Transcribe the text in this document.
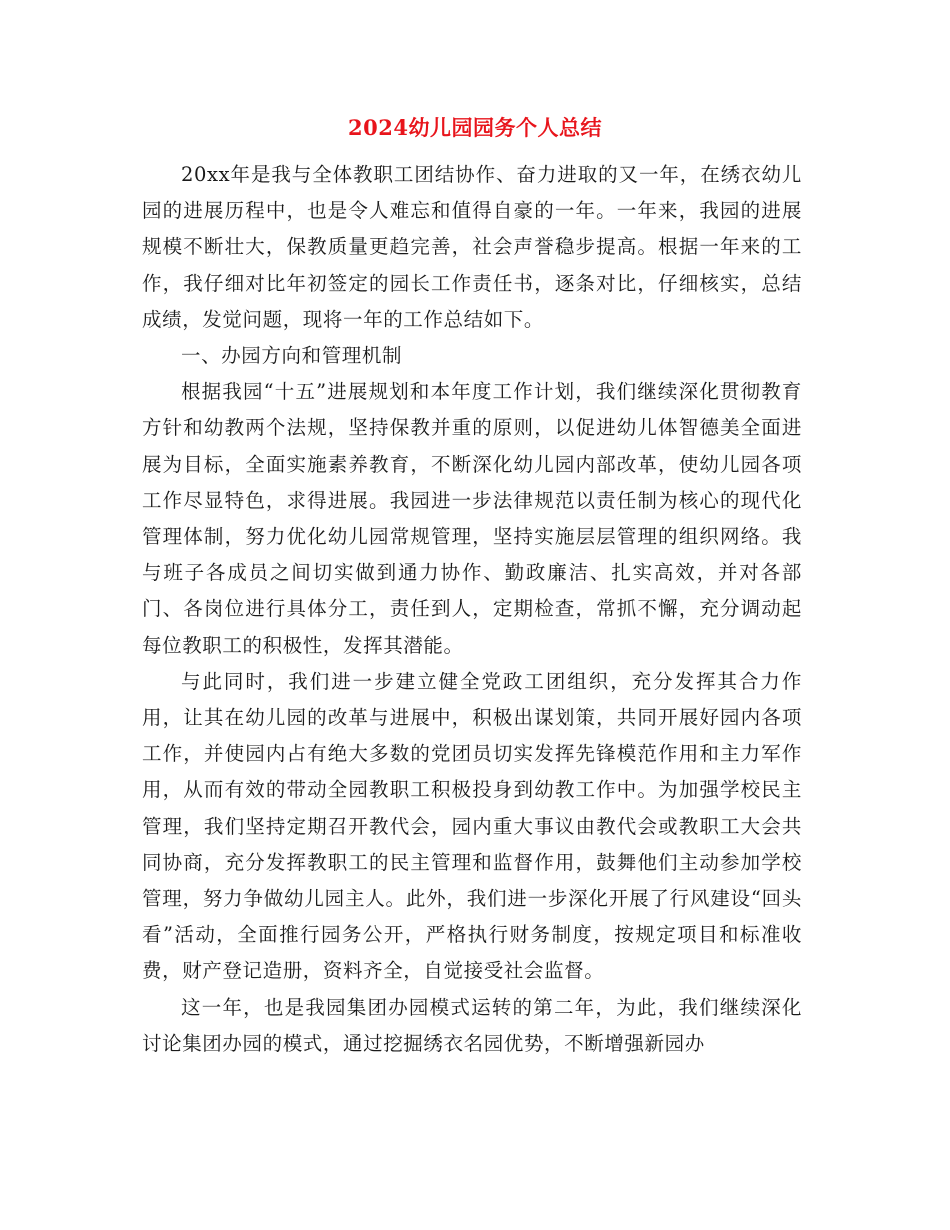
2024幼儿园园务个人总结

20xx年是我与全体教职工团结协作、奋力进取的又一年，在绣衣幼儿园的进展历程中，也是令人难忘和值得自豪的一年。一年来，我园的进展规模不断壮大，保教质量更趋完善，社会声誉稳步提高。根据一年来的工作，我仔细对比年初签定的园长工作责任书，逐条对比，仔细核实，总结成绩，发觉问题，现将一年的工作总结如下。

一、办园方向和管理机制

根据我园“十五”进展规划和本年度工作计划，我们继续深化贯彻教育方针和幼教两个法规，坚持保教并重的原则，以促进幼儿体智德美全面进展为目标，全面实施素养教育，不断深化幼儿园内部改革，使幼儿园各项工作尽显特色，求得进展。我园进一步法律规范以责任制为核心的现代化管理体制，努力优化幼儿园常规管理，坚持实施层层管理的组织网络。我与班子各成员之间切实做到通力协作、勤政廉洁、扎实高效，并对各部门、各岗位进行具体分工，责任到人，定期检查，常抓不懈，充分调动起每位教职工的积极性，发挥其潜能。

与此同时，我们进一步建立健全党政工团组织，充分发挥其合力作用，让其在幼儿园的改革与进展中，积极出谋划策，共同开展好园内各项工作，并使园内占有绝大多数的党团员切实发挥先锋模范作用和主力军作用，从而有效的带动全园教职工积极投身到幼教工作中。为加强学校民主管理，我们坚持定期召开教代会，园内重大事议由教代会或教职工大会共同协商，充分发挥教职工的民主管理和监督作用，鼓舞他们主动参加学校管理，努力争做幼儿园主人。此外，我们进一步深化开展了行风建设“回头看”活动，全面推行园务公开，严格执行财务制度，按规定项目和标准收费，财产登记造册，资料齐全，自觉接受社会监督。

这一年，也是我园集团办园模式运转的第二年，为此，我们继续深化讨论集团办园的模式，通过挖掘绣衣名园优势，不断增强新园办
